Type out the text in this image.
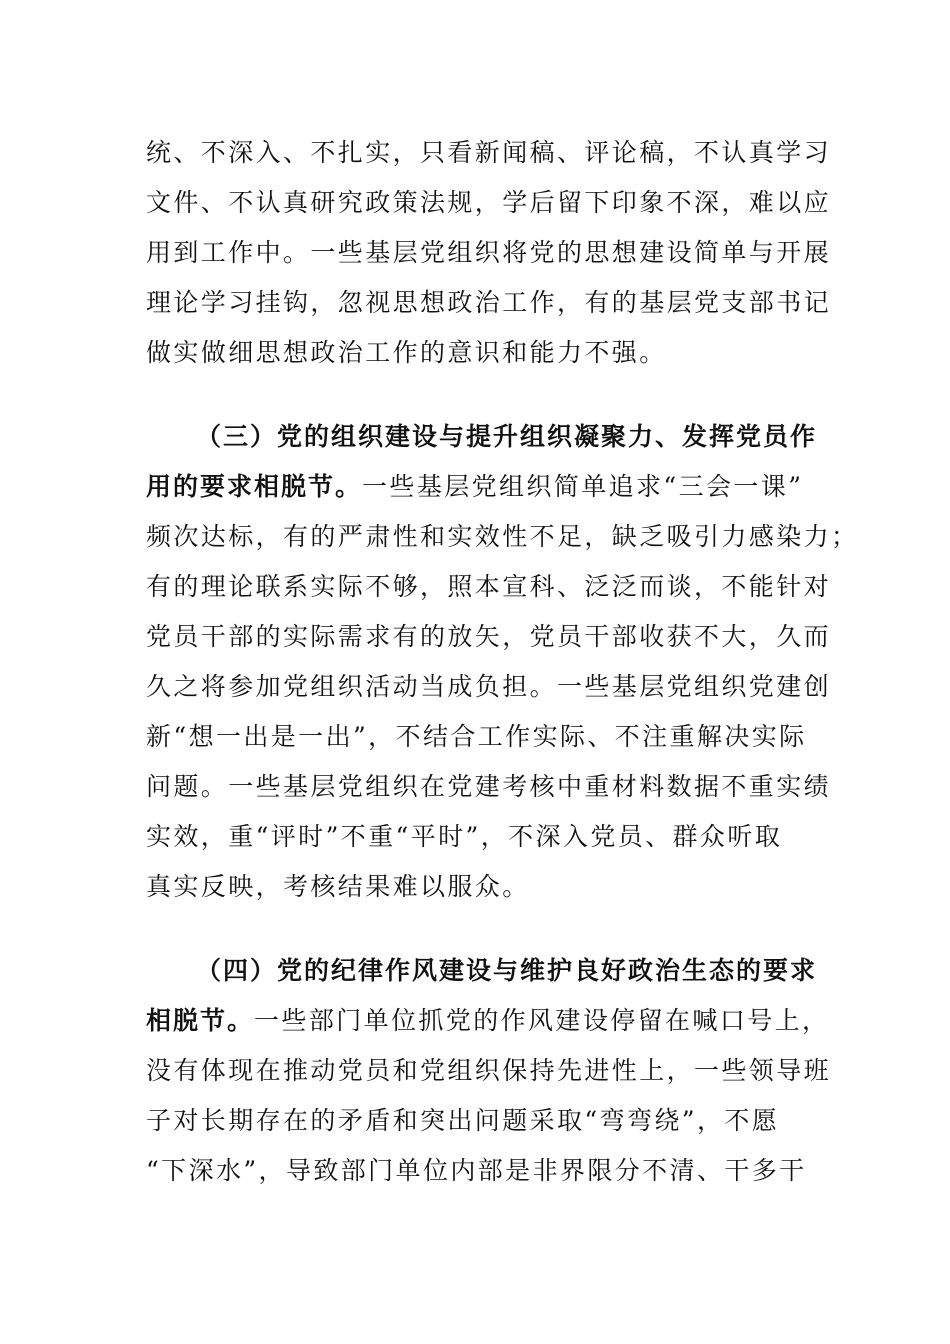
统、不深入、不扎实，只看新闻稿、评论稿，不认真学习
文件、不认真研究政策法规，学后留下印象不深，难以应
用到工作中。一些基层党组织将党的思想建设简单与开展
理论学习挂钩，忽视思想政治工作，有的基层党支部书记
做实做细思想政治工作的意识和能力不强。
（三）党的组织建设与提升组织凝聚力、发挥党员作
用的要求相脱节。一些基层党组织简单追求“三会一课”
频次达标，有的严肃性和实效性不足，缺乏吸引力感染力；
有的理论联系实际不够，照本宣科、泛泛而谈，不能针对
党员干部的实际需求有的放矢，党员干部收获不大，久而
久之将参加党组织活动当成负担。一些基层党组织党建创
新“想一出是一出”，不结合工作实际、不注重解决实际
问题。一些基层党组织在党建考核中重材料数据不重实绩
实效，重“评时”不重“平时”，不深入党员、群众听取
真实反映，考核结果难以服众。
（四）党的纪律作风建设与维护良好政治生态的要求
相脱节。一些部门单位抓党的作风建设停留在喊口号上，
没有体现在推动党员和党组织保持先进性上，一些领导班
子对长期存在的矛盾和突出问题采取“弯弯绕”，不愿
“下深水”，导致部门单位内部是非界限分不清、干多干
